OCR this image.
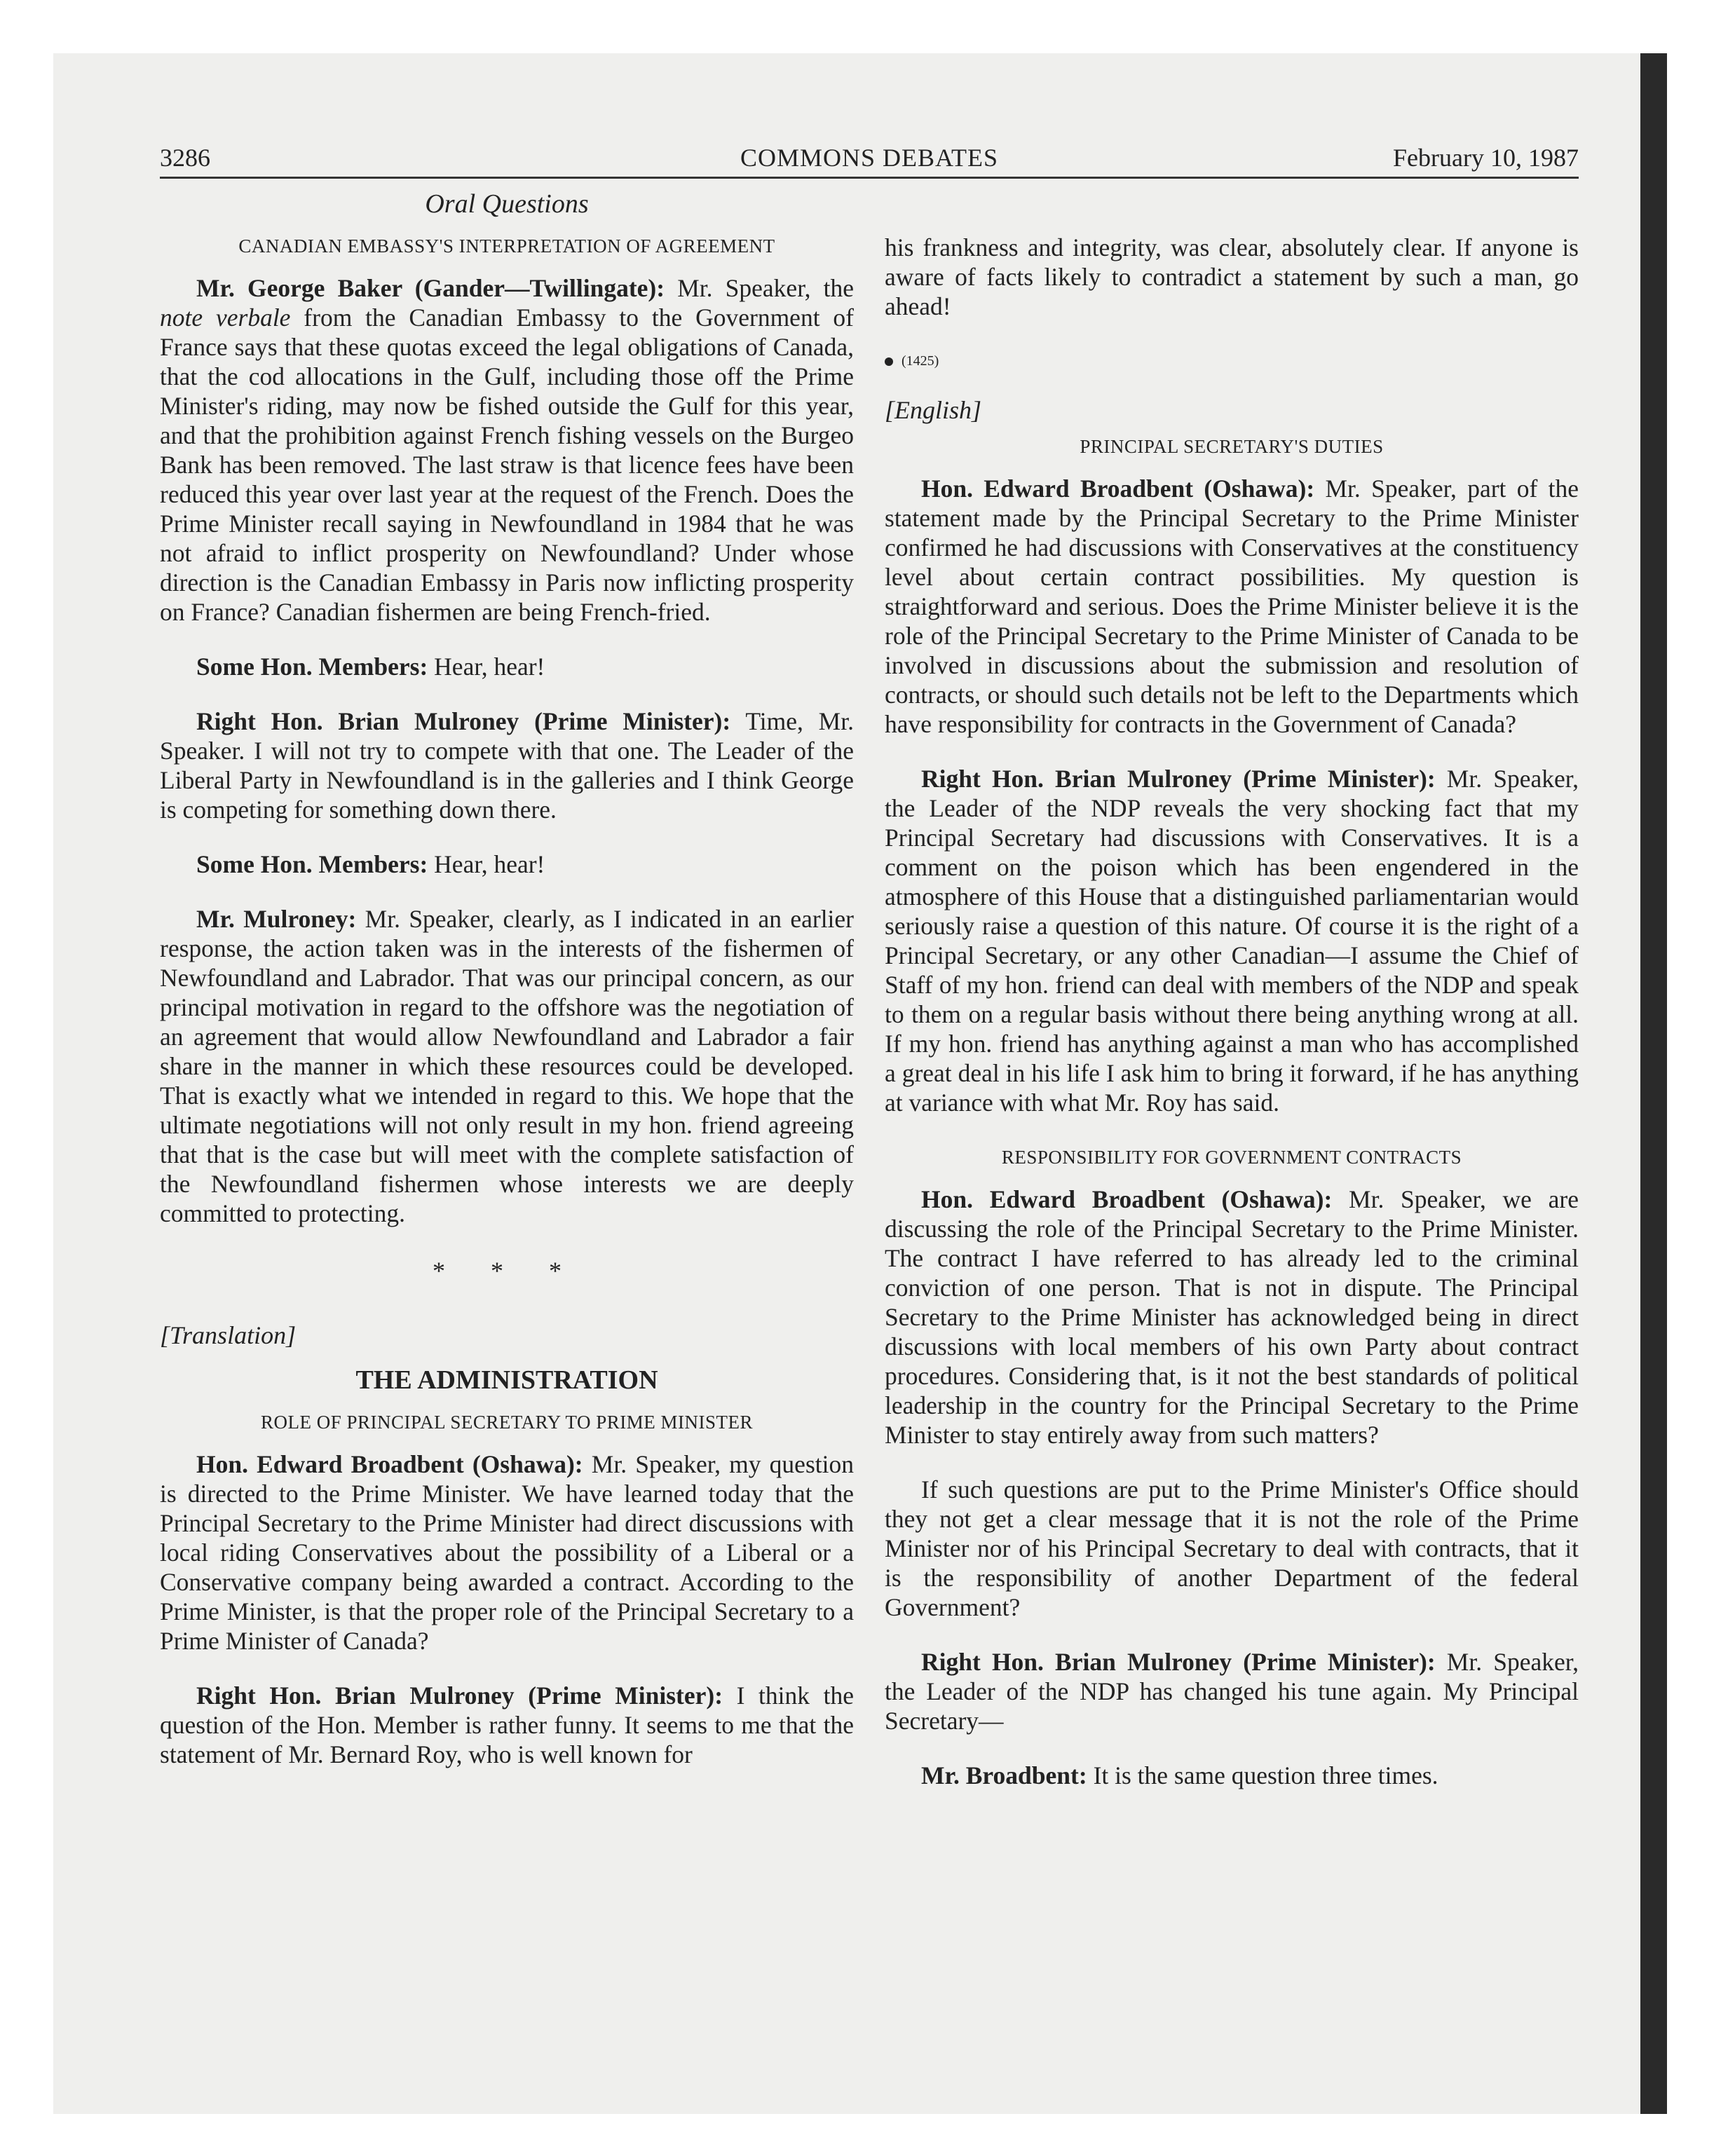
3286	COMMONS DEBATES	February 10, 1987
Oral Questions
CANADIAN EMBASSY'S INTERPRETATION OF AGREEMENT

Mr. George Baker (Gander—Twillingate): Mr. Speaker, the note verbale from the Canadian Embassy to the Government of France says that these quotas exceed the legal obligations of Canada, that the cod allocations in the Gulf, including those off the Prime Minister's riding, may now be fished outside the Gulf for this year, and that the prohibition against French fishing vessels on the Burgeo Bank has been removed. The last straw is that licence fees have been reduced this year over last year at the request of the French. Does the Prime Minister recall saying in Newfoundland in 1984 that he was not afraid to inflict prosperity on Newfoundland? Under whose direction is the Canadian Embassy in Paris now inflicting prosperity on France? Canadian fishermen are being French-fried.

Some Hon. Members: Hear, hear!

Right Hon. Brian Mulroney (Prime Minister): Time, Mr. Speaker. I will not try to compete with that one. The Leader of the Liberal Party in Newfoundland is in the galleries and I think George is competing for something down there.

Some Hon. Members: Hear, hear!

Mr. Mulroney: Mr. Speaker, clearly, as I indicated in an earlier response, the action taken was in the interests of the fishermen of Newfoundland and Labrador. That was our principal concern, as our principal motivation in regard to the offshore was the negotiation of an agreement that would allow Newfoundland and Labrador a fair share in the manner in which these resources could be developed. That is exactly what we intended in regard to this. We hope that the ultimate negotiations will not only result in my hon. friend agreeing that that is the case but will meet with the complete satisfaction of the Newfoundland fishermen whose interests we are deeply committed to protecting.

* * *
[Translation]
THE ADMINISTRATION
ROLE OF PRINCIPAL SECRETARY TO PRIME MINISTER

Hon. Edward Broadbent (Oshawa): Mr. Speaker, my question is directed to the Prime Minister. We have learned today that the Principal Secretary to the Prime Minister had direct discussions with local riding Conservatives about the possibility of a Liberal or a Conservative company being awarded a contract. According to the Prime Minister, is that the proper role of the Principal Secretary to a Prime Minister of Canada?

Right Hon. Brian Mulroney (Prime Minister): I think the question of the Hon. Member is rather funny. It seems to me that the statement of Mr. Bernard Roy, who is well known for

his frankness and integrity, was clear, absolutely clear. If anyone is aware of facts likely to contradict a statement by such a man, go ahead!

(1425)
[English]
PRINCIPAL SECRETARY'S DUTIES

Hon. Edward Broadbent (Oshawa): Mr. Speaker, part of the statement made by the Principal Secretary to the Prime Minister confirmed he had discussions with Conservatives at the constituency level about certain contract possibilities. My question is straightforward and serious. Does the Prime Minister believe it is the role of the Principal Secretary to the Prime Minister of Canada to be involved in discussions about the submission and resolution of contracts, or should such details not be left to the Departments which have responsibility for contracts in the Government of Canada?

Right Hon. Brian Mulroney (Prime Minister): Mr. Speaker, the Leader of the NDP reveals the very shocking fact that my Principal Secretary had discussions with Conservatives. It is a comment on the poison which has been engendered in the atmosphere of this House that a distinguished parliamentarian would seriously raise a question of this nature. Of course it is the right of a Principal Secretary, or any other Canadian—I assume the Chief of Staff of my hon. friend can deal with members of the NDP and speak to them on a regular basis without there being anything wrong at all. If my hon. friend has anything against a man who has accomplished a great deal in his life I ask him to bring it forward, if he has anything at variance with what Mr. Roy has said.

RESPONSIBILITY FOR GOVERNMENT CONTRACTS

Hon. Edward Broadbent (Oshawa): Mr. Speaker, we are discussing the role of the Principal Secretary to the Prime Minister. The contract I have referred to has already led to the criminal conviction of one person. That is not in dispute. The Principal Secretary to the Prime Minister has acknowledged being in direct discussions with local members of his own Party about contract procedures. Considering that, is it not the best standards of political leadership in the country for the Principal Secretary to the Prime Minister to stay entirely away from such matters?

If such questions are put to the Prime Minister's Office should they not get a clear message that it is not the role of the Prime Minister nor of his Principal Secretary to deal with contracts, that it is the responsibility of another Department of the federal Government?

Right Hon. Brian Mulroney (Prime Minister): Mr. Speaker, the Leader of the NDP has changed his tune again. My Principal Secretary—

Mr. Broadbent: It is the same question three times.
